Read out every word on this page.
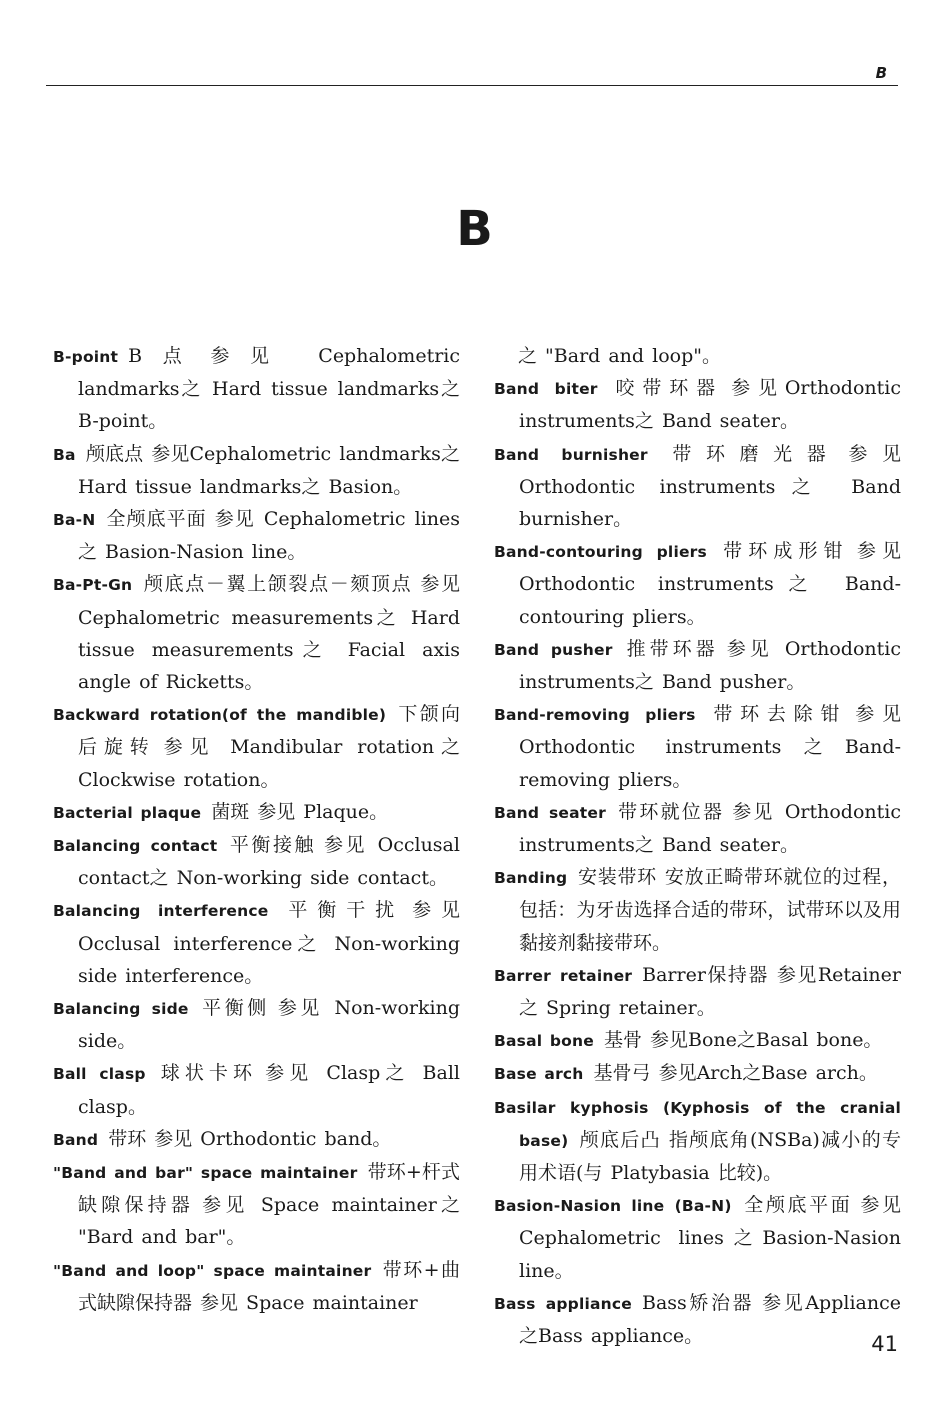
B
B

B-point B点 参见 Cephalometric landmarks之 Hard tissue landmarks之 B-point。

Ba 颅底点 参见Cephalometric landmarks之 Hard tissue landmarks之 Basion。

Ba-N 全颅底平面 参见 Cephalometric lines之 Basion-Nasion line。

Ba-Pt-Gn 颅底点－翼上颌裂点－颏顶点 参见 Cephalometric measurements之 Hard tissue measurements之 Facial axis angle of Ricketts。

Backward rotation(of the mandible) 下颌向后旋转 参见 Mandibular rotation之 Clockwise rotation。

Bacterial plaque 菌斑 参见 Plaque。

Balancing contact 平衡接触 参见 Occlusal contact之 Non-working side contact。

Balancing interference 平衡干扰 参见 Occlusal interference之 Non-working side interference。

Balancing side 平衡侧 参见 Non-working side。

Ball clasp 球状卡环 参见 Clasp之 Ball clasp。

Band 带环 参见 Orthodontic band。

"Band and bar" space maintainer 带环+杆式缺隙保持器 参见 Space maintainer之 "Bard and bar"。

"Band and loop" space maintainer 带环+曲式缺隙保持器 参见 Space maintainer

之 "Bard and loop"。

Band biter 咬带环器 参见Orthodontic instruments之 Band seater。

Band burnisher 带环磨光器 参见 Orthodontic instruments之 Band burnisher。

Band-contouring pliers 带环成形钳 参见 Orthodontic instruments之 Band-contouring pliers。

Band pusher 推带环器 参见 Orthodontic instruments之 Band pusher。

Band-removing pliers 带环去除钳 参见 Orthodontic instruments之Band-removing pliers。

Band seater 带环就位器 参见 Orthodontic instruments之 Band seater。

Banding 安装带环 安放正畸带环就位的过程，包括：为牙齿选择合适的带环，试带环以及用黏接剂黏接带环。

Barrer retainer Barrer保持器 参见Retainer之 Spring retainer。

Basal bone 基骨 参见Bone之Basal bone。

Base arch 基骨弓 参见Arch之Base arch。

Basilar kyphosis (Kyphosis of the cranial base) 颅底后凸 指颅底角(NSBa)减小的专用术语(与 Platybasia 比较)。

Basion-Nasion line (Ba-N) 全颅底平面 参见 Cephalometric lines之Basion-Nasion line。

Bass appliance Bass矫治器 参见Appliance之Bass appliance。	41
